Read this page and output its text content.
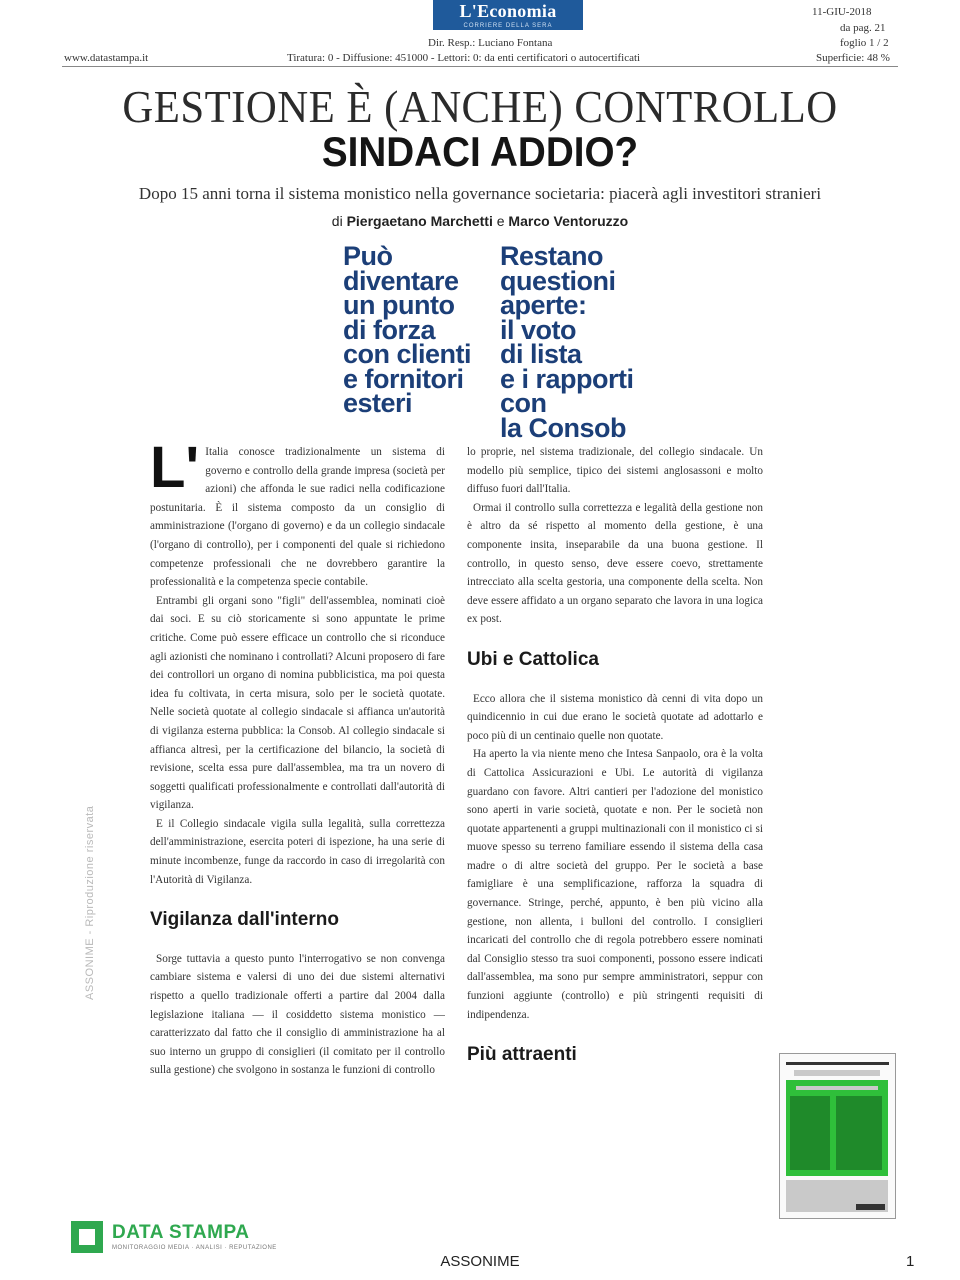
L'Economia
CORRIERE DELLA SERA
11-GIU-2018
da pag. 21
foglio 1 / 2
Superficie: 48 %
www.datastampa.it
Dir. Resp.: Luciano Fontana
Tiratura: 0 - Diffusione: 451000 - Lettori: 0: da enti certificatori o autocertificati
GESTIONE È (ANCHE) CONTROLLO
SINDACI ADDIO?
Dopo 15 anni torna il sistema monistico nella governance societaria: piacerà agli investitori stranieri
di Piergaetano Marchetti e Marco Ventoruzzo
Può
diventare
un punto
di forza
con clienti
e fornitori
esteri
Restano
questioni
aperte:
il voto
di lista
e i rapporti
con
la Consob
L' Italia conosce tradizionalmente un sistema di governo e controllo della grande impresa (società per azioni) che affonda le sue radici nella codificazione postunitaria. È il sistema composto da un consiglio di amministrazione (l'organo di governo) e da un collegio sindacale (l'organo di controllo), per i componenti del quale si richiedono competenze professionali che ne dovrebbero garantire la professionalità e la competenza specie contabile.

Entrambi gli organi sono "figli" dell'assemblea, nominati cioè dai soci. E su ciò storicamente si sono appuntate le prime critiche. Come può essere efficace un controllo che si riconduce agli azionisti che nominano i controllati? Alcuni proposero di fare dei controllori un organo di nomina pubblicistica, ma poi questa idea fu coltivata, in certa misura, solo per le società quotate. Nelle società quotate al collegio sindacale si affianca un'autorità di vigilanza esterna pubblica: la Consob. Al collegio sindacale si affianca altresì, per la certificazione del bilancio, la società di revisione, scelta essa pure dall'assemblea, ma tra un novero di soggetti qualificati professionalmente e controllati dall'autorità di vigilanza.

E il Collegio sindacale vigila sulla legalità, sulla correttezza dell'amministrazione, esercita poteri di ispezione, ha una serie di minute incombenze, funge da raccordo in caso di irregolarità con l'Autorità di Vigilanza.

Vigilanza dall'interno

Sorge tuttavia a questo punto l'interrogativo se non convenga cambiare sistema e valersi di uno dei due sistemi alternativi rispetto a quello tradizionale offerti a partire dal 2004 dalla legislazione italiana — il cosiddetto sistema monistico — caratterizzato dal fatto che il consiglio di amministrazione ha al suo interno un gruppo di consiglieri (il comitato per il controllo sulla gestione) che svolgono in sostanza le funzioni di controllo

lo proprie, nel sistema tradizionale, del collegio sindacale. Un modello più semplice, tipico dei sistemi anglosassoni e molto diffuso fuori dall'Italia.

Ormai il controllo sulla correttezza e legalità della gestione non è altro da sé rispetto al momento della gestione, è una componente insita, inseparabile da una buona gestione. Il controllo, in questo senso, deve essere coevo, strettamente intrecciato alla scelta gestoria, una componente della scelta. Non deve essere affidato a un organo separato che lavora in una logica ex post.

Ubi e Cattolica

Ecco allora che il sistema monistico dà cenni di vita dopo un quindicennio in cui due erano le società quotate ad adottarlo e poco più di un centinaio quelle non quotate.

Ha aperto la via niente meno che Intesa Sanpaolo, ora è la volta di Cattolica Assicurazioni e Ubi. Le autorità di vigilanza guardano con favore. Altri cantieri per l'adozione del monistico sono aperti in varie società, quotate e non. Per le società non quotate appartenenti a gruppi multinazionali con il monistico ci si muove spesso su terreno familiare essendo il sistema della casa madre o di altre società del gruppo. Per le società a base famigliare è una semplificazione, rafforza la squadra di governance. Stringe, perché, appunto, è ben più vicino alla gestione, non allenta, i bulloni del controllo. I consiglieri incaricati del controllo che di regola potrebbero essere nominati dal Consiglio stesso tra suoi componenti, possono essere indicati dall'assemblea, ma sono pur sempre amministratori, seppur con funzioni aggiunte (controllo) e più stringenti requisiti di indipendenza.

Più attraenti
ASSONIME - Riproduzione riservata
DATA STAMPA
MONITORAGGIO MEDIA · ANALISI · REPUTAZIONE
ASSONIME	1
